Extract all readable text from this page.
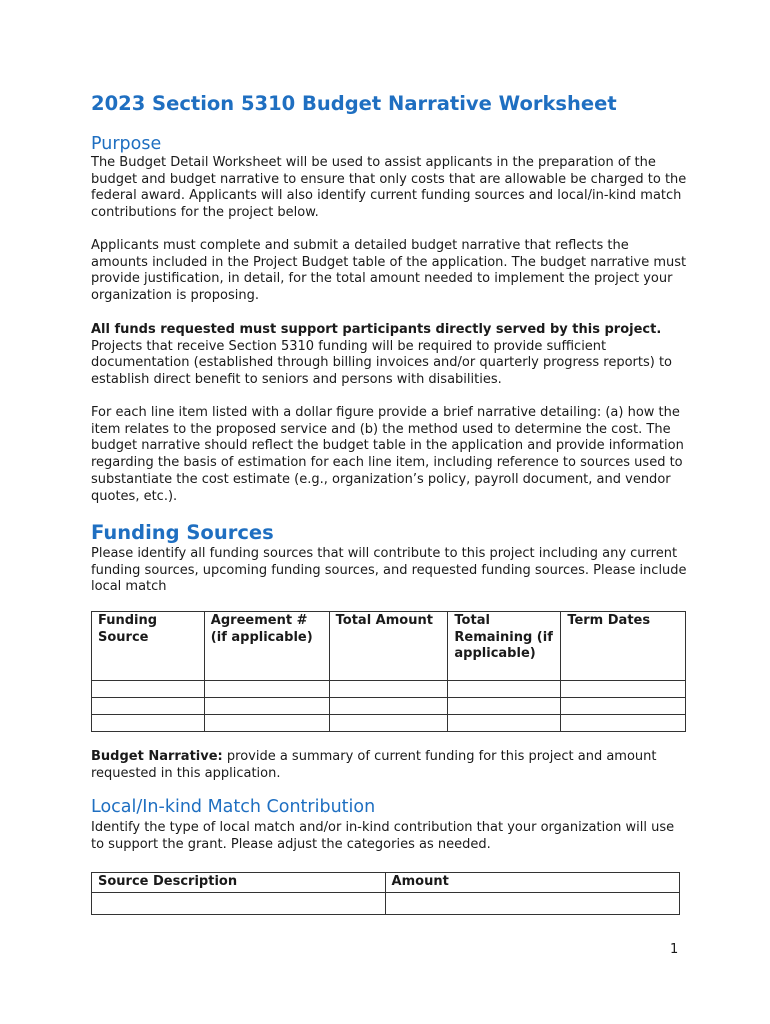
2023 Section 5310 Budget Narrative Worksheet
Purpose

The Budget Detail Worksheet will be used to assist applicants in the preparation of the budget and budget narrative to ensure that only costs that are allowable be charged to the federal award. Applicants will also identify current funding sources and local/in-kind match contributions for the project below.

Applicants must complete and submit a detailed budget narrative that reflects the amounts included in the Project Budget table of the application. The budget narrative must provide justification, in detail, for the total amount needed to implement the project your organization is proposing.

All funds requested must support participants directly served by this project. Projects that receive Section 5310 funding will be required to provide sufficient documentation (established through billing invoices and/or quarterly progress reports) to establish direct benefit to seniors and persons with disabilities.

For each line item listed with a dollar figure provide a brief narrative detailing: (a) how the item relates to the proposed service and (b) the method used to determine the cost. The budget narrative should reflect the budget table in the application and provide information regarding the basis of estimation for each line item, including reference to sources used to substantiate the cost estimate (e.g., organization’s policy, payroll document, and vendor quotes, etc.).

Funding Sources

Please identify all funding sources that will contribute to this project including any current funding sources, upcoming funding sources, and requested funding sources. Please include local match

Funding Source	Agreement # (if applicable)	Total Amount	Total Remaining (if applicable)	Term Dates

Budget Narrative: provide a summary of current funding for this project and amount requested in this application.

Local/In-kind Match Contribution

Identify the type of local match and/or in-kind contribution that your organization will use to support the grant. Please adjust the categories as needed.

Source Description	Amount

1
